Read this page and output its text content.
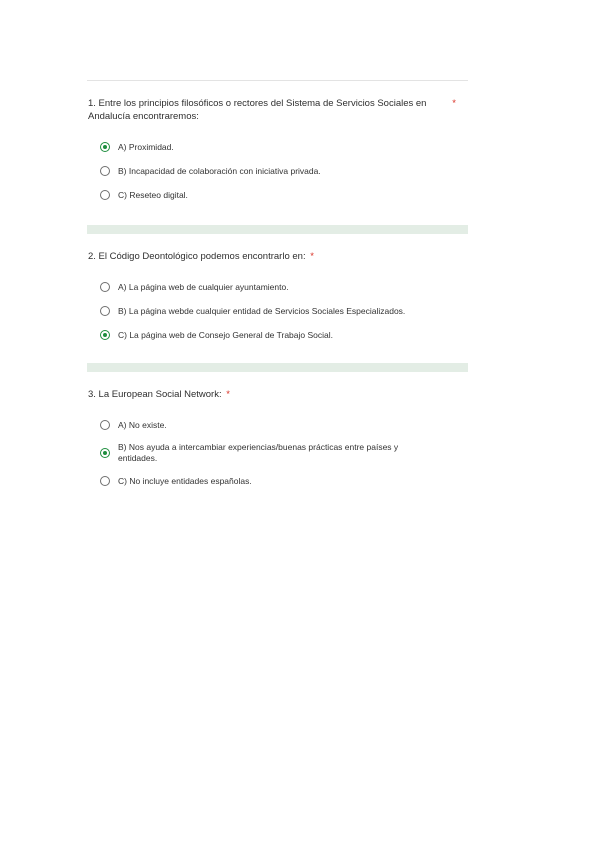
1. Entre los principios filosóficos o rectores del Sistema de Servicios Sociales en Andalucía encontraremos:
*
A) Proximidad.
B) Incapacidad de colaboración con iniciativa privada.
C) Reseteo digital.
2. El Código Deontológico podemos encontrarlo en: *
A) La página web de cualquier ayuntamiento.
B) La página webde cualquier entidad de Servicios Sociales Especializados.
C) La página web de Consejo General de Trabajo Social.
3. La European Social Network: *
A) No existe.
B) Nos ayuda a intercambiar experiencias/buenas prácticas entre países y entidades.
C) No incluye entidades españolas.
